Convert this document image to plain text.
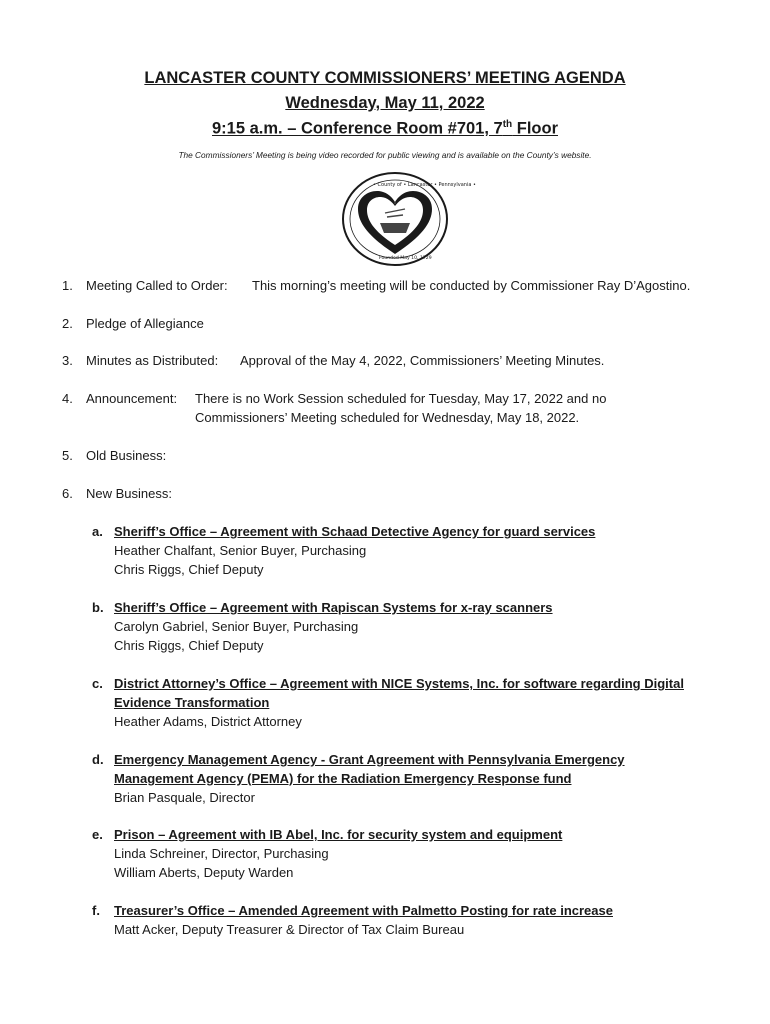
LANCASTER COUNTY COMMISSIONERS’ MEETING AGENDA
Wednesday, May 11, 2022
9:15 a.m. – Conference Room #701, 7th Floor
The Commissioners’ Meeting is being video recorded for public viewing and is available on the County’s website.
• County of • Lancaster • Pennsylvania •
Founded May 10, 1729
1.	Meeting Called to Order: This morning’s meeting will be conducted by Commissioner Ray D’Agostino.
2.	Pledge of Allegiance
3.	Minutes as Distributed: Approval of the May 4, 2022, Commissioners’ Meeting Minutes.
4.	Announcement: There is no Work Session scheduled for Tuesday, May 17, 2022 and no
Commissioners’ Meeting scheduled for Wednesday, May 18, 2022.
5.	Old Business:
6.	New Business:
a. Sheriff’s Office – Agreement with Schaad Detective Agency for guard services
Heather Chalfant, Senior Buyer, Purchasing
Chris Riggs, Chief Deputy
b. Sheriff’s Office – Agreement with Rapiscan Systems for x-ray scanners
Carolyn Gabriel, Senior Buyer, Purchasing
Chris Riggs, Chief Deputy
c. District Attorney’s Office – Agreement with NICE Systems, Inc. for software regarding Digital
Evidence Transformation
Heather Adams, District Attorney
d. Emergency Management Agency - Grant Agreement with Pennsylvania Emergency
Management Agency (PEMA) for the Radiation Emergency Response fund
Brian Pasquale, Director
e. Prison – Agreement with IB Abel, Inc. for security system and equipment
Linda Schreiner, Director, Purchasing
William Aberts, Deputy Warden
f. Treasurer’s Office – Amended Agreement with Palmetto Posting for rate increase
Matt Acker, Deputy Treasurer & Director of Tax Claim Bureau
